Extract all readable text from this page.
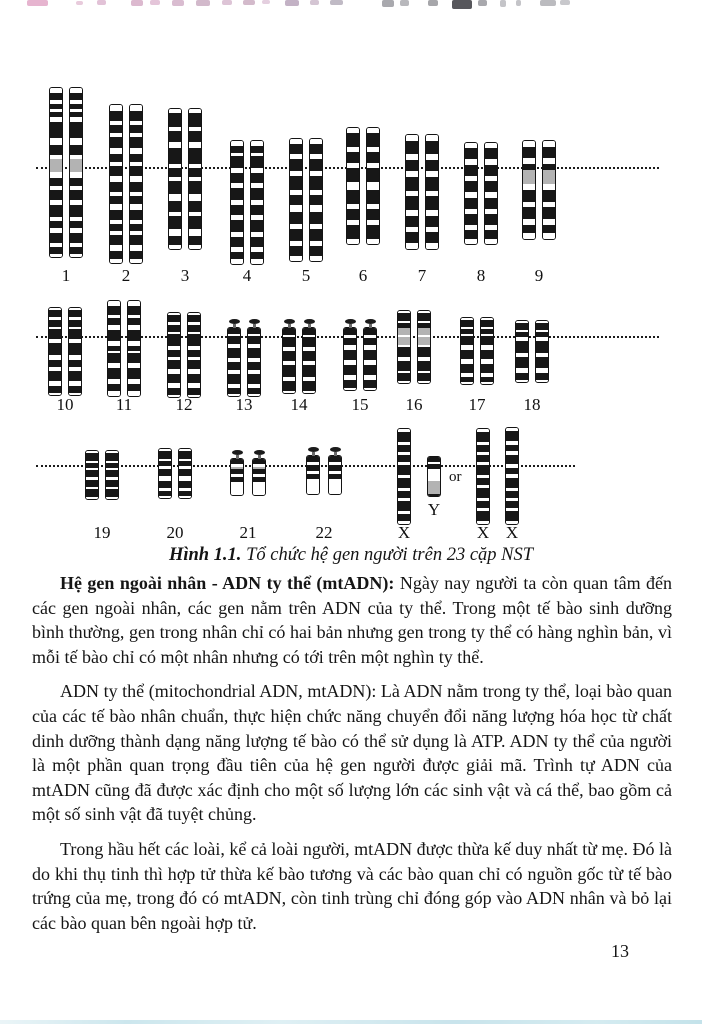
1	2	3	4	5	6	7	8	9
10 11	12	13 14	15 16	17 18
19	20	21	22	X
Y
X X
or
Hình 1.1. Tổ chức hệ gen người trên 23 cặp NST

Hệ gen ngoài nhân - ADN ty thể (mtADN): Ngày nay người ta còn quan tâm đến các gen ngoài nhân, các gen nằm trên ADN của ty thể. Trong một tế bào sinh dưỡng bình thường, gen trong nhân chỉ có hai bản nhưng gen trong ty thể có hàng nghìn bản, vì mỗi tế bào chỉ có một nhân nhưng có tới trên một nghìn ty thể.

ADN ty thể (mitochondrial ADN, mtADN): Là ADN nằm trong ty thể, loại bào quan của các tế bào nhân chuẩn, thực hiện chức năng chuyển đổi năng lượng hóa học từ chất dinh dưỡng thành dạng năng lượng tế bào có thể sử dụng là ATP. ADN ty thể của người là một phần quan trọng đầu tiên của hệ gen người được giải mã. Trình tự ADN của mtADN cũng đã được xác định cho một số lượng lớn các sinh vật và cá thể, bao gồm cả một số sinh vật đã tuyệt chủng.

Trong hầu hết các loài, kể cả loài người, mtADN được thừa kế duy nhất từ mẹ. Đó là do khi thụ tinh thì hợp tử thừa kế bào tương và các bào quan chỉ có nguồn gốc từ tế bào trứng của mẹ, trong đó có mtADN, còn tinh trùng chỉ đóng góp vào ADN nhân và bỏ lại các bào quan bên ngoài hợp tử.

13
